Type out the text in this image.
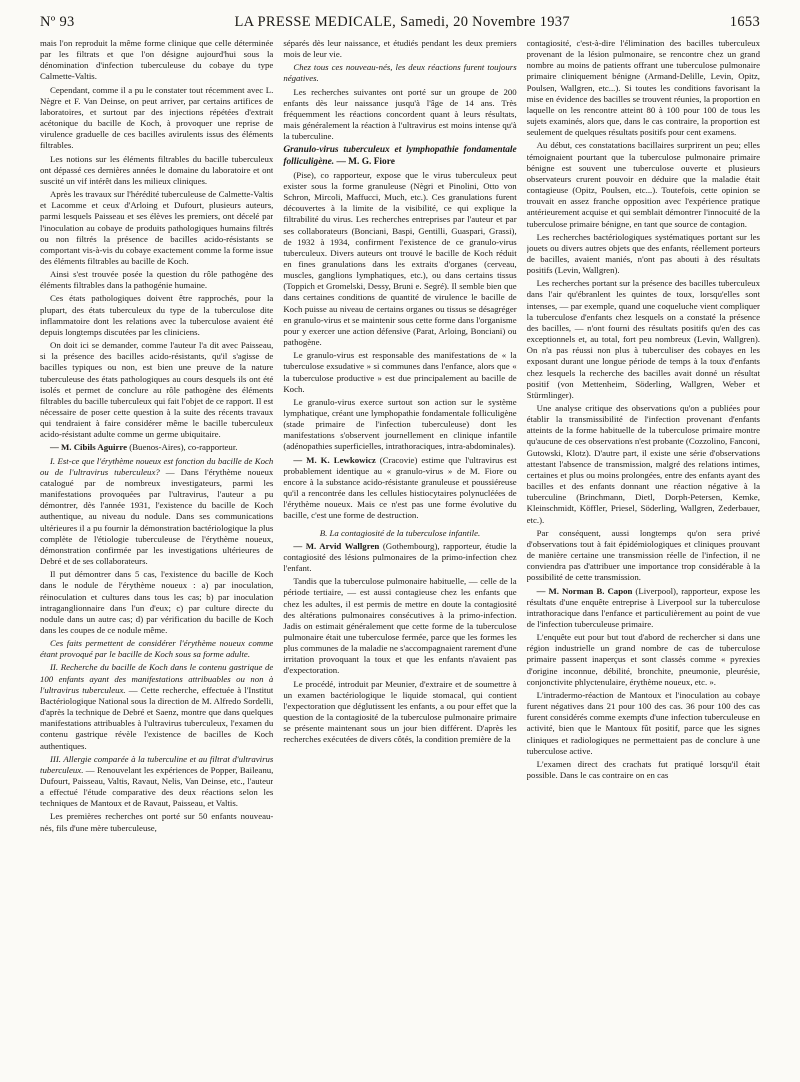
Nº 93	LA PRESSE MEDICALE, Samedi, 20 Novembre 1937	1653

mais l'on reproduit la même forme clinique que celle déterminée par les filtrats et que l'on désigne aujourd'hui sous la dénomination d'infection tuberculeuse du cobaye du type Calmette-Valtis.

Cependant, comme il a pu le constater tout récemment avec L. Nègre et F. Van Deinse, on peut arriver, par certains artifices de laboratoires, et surtout par des injections répétées d'extrait acétonique du bacille de Koch, à provoquer une reprise de virulence graduelle de ces bacilles avirulents issus des éléments filtrables.

Les notions sur les éléments filtrables du bacille tuberculeux ont dépassé ces dernières années le domaine du laboratoire et ont suscité un vif intérêt dans les milieux cliniques.

Après les travaux sur l'hérédité tuberculeuse de Calmette-Valtis et Lacomme et ceux d'Arloing et Dufourt, plusieurs auteurs, parmi lesquels Paisseau et ses élèves les premiers, ont décelé par l'inoculation au cobaye de produits pathologiques humains filtrés ou non filtrés la présence de bacilles acido-résistants se comportant vis-à-vis du cobaye exactement comme la forme issue des éléments filtrables au bacille de Koch.

Ainsi s'est trouvée posée la question du rôle pathogène des éléments filtrables dans la pathogénie humaine.

Ces états pathologiques doivent être rapprochés, pour la plupart, des états tuberculeux du type de la tuberculose dite inflammatoire dont les relations avec la tuberculose avaient été depuis longtemps discutées par les cliniciens.

On doit ici se demander, comme l'auteur l'a dit avec Paisseau, si la présence des bacilles acido-résistants, qu'il s'agisse de bacilles typiques ou non, est bien une preuve de la nature tuberculeuse des états pathologiques au cours desquels ils ont été isolés et permet de conclure au rôle pathogène des éléments filtrables du bacille tuberculeux qui fait l'objet de ce rapport. Il est nécessaire de poser cette question à la suite des récents travaux qui tendraient à faire considérer même le bacille tuberculeux acido-résistant adulte comme un germe ubiquitaire.

— M. Cibils Aguirre (Buenos-Aires), co-rapporteur.

I. Est-ce que l'érythème noueux est fonction du bacille de Koch ou de l'ultravirus tuberculeux? — Dans l'érythème noueux catalogué par de nombreux investigateurs, parmi les manifestations provoquées par l'ultravirus, l'auteur a pu démontrer, dès l'année 1931, l'existence du bacille de Koch authentique, au niveau du nodule. Dans ses communications ultérieures il a pu fournir la démonstration bactériologique la plus complète de l'étiologie tuberculeuse de l'érythème noueux, démonstration confirmée par les investigations ultérieures de Debré et de ses collaborateurs.

Il put démontrer dans 5 cas, l'existence du bacille de Koch dans le nodule de l'érythème noueux : a) par inoculation, réinoculation et cultures dans tous les cas; b) par inoculation intraganglionnaire dans l'un d'eux; c) par culture directe du nodule dans un autre cas; d) par vérification du bacille de Koch dans les coupes de ce nodule même.

Ces faits permettent de considérer l'érythème noueux comme étant provoqué par le bacille de Koch sous sa forme adulte.

II. Recherche du bacille de Koch dans le contenu gastrique de 100 enfants ayant des manifestations attribuables ou non à l'ultravirus tuberculeux. — Cette recherche, effectuée à l'Institut Bactériologique National sous la direction de M. Alfredo Sordelli, d'après la technique de Debré et Saenz, montre que dans quelques manifestations attribuables à l'ultravirus tuberculeux, l'examen du contenu gastrique révèle l'existence de bacilles de Koch authentiques.

III. Allergie comparée à la tuberculine et au filtrat d'ultravirus tuberculeux. — Renouvelant les expériences de Popper, Baileanu, Dufourt, Paisseau, Valtis, Ravaut, Nelis, Van Deinse, etc., l'auteur a effectué l'étude comparative des deux réactions selon les techniques de Mantoux et de Ravaut, Paisseau, et Valtis.

Les premières recherches ont porté sur 50 enfants nouveau-nés, fils d'une mère tuberculeuse,

séparés dès leur naissance, et étudiés pendant les deux premiers mois de leur vie.

Chez tous ces nouveau-nés, les deux réactions furent toujours négatives.

Les recherches suivantes ont porté sur un groupe de 200 enfants dès leur naissance jusqu'à l'âge de 14 ans. Très fréquemment les réactions concordent quant à leurs résultats, mais généralement la réaction à l'ultravirus est moins intense qu'à la tuberculine.

Granulo-virus tuberculeux et lymphopathie fondamentale folliculigène. — M. G. Fiore

(Pise), co rapporteur, expose que le virus tuberculeux peut exister sous la forme granuleuse (Nègri et Pinolini, Otto von Schron, Mircoli, Maffucci, Much, etc.). Ces granulations furent découvertes à la limite de la visibilité, ce qui explique la filtrabilité du virus. Les recherches entreprises par l'auteur et par ses collaborateurs (Bonciani, Baspi, Gentilli, Guaspari, Grassi), de 1932 à 1934, confirment l'existence de ce granulo-virus tuberculeux. Divers auteurs ont trouvé le bacille de Koch réduit en fines granulations dans les extraits d'organes (cerveau, muscles, ganglions lymphatiques, etc.), ou dans certains tissus (Toppich et Gromelski, Dessy, Bruni e. Segré). Il semble bien que dans certaines conditions de quantité de virulence le bacille de Koch puisse au niveau de certains organes ou tissus se désagréger en granulo-virus et se maintenir sous cette forme dans l'organisme pour y exercer une action défensive (Parat, Arloing, Bonciani) ou pathogène.

Le granulo-virus est responsable des manifestations de « la tuberculose exsudative » si communes dans l'enfance, alors que « la tuberculose productive » est due principalement au bacille de Koch.

Le granulo-virus exerce surtout son action sur le système lymphatique, créant une lymphopathie fondamentale folliculigène (stade primaire de l'infection tuberculeuse) dont les manifestations s'observent journellement en clinique infantile (adénopathies superficielles, intrathoraciques, intra-abdominales).

— M. K. Lewkowicz (Cracovie) estime que l'ultravirus est probablement identique au « granulo-virus » de M. Fiore ou encore à la substance acido-résistante granuleuse et poussiéreuse qu'il a rencontrée dans les cellules histiocytaires polynucléées de l'érythème noueux. Mais ce n'est pas une forme évolutive du bacille, c'est une forme de destruction.

B. La contagiosité de la tuberculose infantile.

— M. Arvid Wallgren (Gothembourg), rapporteur, étudie la contagiosité des lésions pulmonaires de la primo-infection chez l'enfant.

Tandis que la tuberculose pulmonaire habituelle, — celle de la période tertiaire, — est aussi contagieuse chez les enfants que chez les adultes, il est permis de mettre en doute la contagiosité des altérations pulmonaires consécutives à la primo-infection. Jadis on estimait généralement que cette forme de la tuberculose pulmonaire était une tuberculose fermée, parce que les formes les plus communes de la maladie ne s'accompagnaient rarement d'une irritation provoquant la toux et que les enfants n'avaient pas d'expectoration.

Le procédé, introduit par Meunier, d'extraire et de soumettre à un examen bactériologique le liquide stomacal, qui contient l'expectoration que déglutissent les enfants, a ou pour effet que la question de la contagiosité de la tuberculose pulmonaire primaire se présente maintenant sous un jour bien différent. D'après les recherches exécutées de divers côtés, la condition première de la

contagiosité, c'est-à-dire l'élimination des bacilles tuberculeux provenant de la lésion pulmonaire, se rencontre chez un grand nombre au moins de patients offrant une tuberculose pulmonaire primaire cliniquement bénigne (Armand-Delille, Levin, Opitz, Poulsen, Wallgren, etc...). Si toutes les conditions favorisant la mise en évidence des bacilles se trouvent réunies, la proportion en laquelle on les rencontre atteint 80 à 100 pour 100 de tous les sujets examinés, alors que, dans le cas contraire, la proportion est seulement de quelques résultats positifs pour cent examens.

Au début, ces constatations bacillaires surprirent un peu; elles témoignaient pourtant que la tuberculose pulmonaire primaire bénigne est souvent une tuberculose ouverte et plusieurs observateurs crurent pouvoir en déduire que la maladie était contagieuse (Opitz, Poulsen, etc...). Toutefois, cette opinion se trouvait en assez franche opposition avec l'expérience pratique antérieurement acquise et qui semblait démontrer l'innocuité de la tuberculose primaire bénigne, en tant que source de contagion.

Les recherches bactériologiques systématiques portant sur les jouets ou divers autres objets que des enfants, réellement porteurs de bacilles, avaient maniés, n'ont pas abouti à des résultats positifs (Levin, Wallgren).

Les recherches portant sur la présence des bacilles tuberculeux dans l'air qu'ébranlent les quintes de toux, lorsqu'elles sont intenses, — par exemple, quand une coqueluche vient compliquer la tuberculose d'enfants chez lesquels on a constaté la présence des bacilles, — n'ont fourni des résultats positifs qu'en des cas exceptionnels et, au total, fort peu nombreux (Levin, Wallgren). On n'a pas réussi non plus à tuberculiser des cobayes en les exposant durant une longue période de temps à la toux d'enfants chez lesquels la recherche des bacilles avait donné un résultat positif (von Mettenheim, Söderling, Wallgren, Weber et Stürmlinger).

Une analyse critique des observations qu'on a publiées pour établir la transmissibilité de l'infection provenant d'enfants atteints de la forme habituelle de la tuberculose primaire montre qu'aucune de ces observations n'est probante (Cozzolino, Fanconi, Gutowski, Klotz). D'autre part, il existe une série d'observations attestant l'absence de transmission, malgré des relations intimes, certaines et plus ou moins prolongées, entre des enfants ayant des bacilles et des enfants donnant une réaction négative à la tuberculine (Brinchmann, Dietl, Dorph-Petersen, Kemke, Kleinschmidt, Köffler, Priesel, Söderling, Wallgren, Zederbauer, etc.).

Par conséquent, aussi longtemps qu'on sera privé d'observations tout à fait épidémiologiques et cliniques prouvant de manière certaine une transmission réelle de l'infection, il ne conviendra pas d'attribuer une importance trop considérable à la possibilité de cette transmission.

— M. Norman B. Capon (Liverpool), rapporteur, expose les résultats d'une enquête entreprise à Liverpool sur la tuberculose intrathoracique dans l'enfance et particulièrement au point de vue de l'infection tuberculeuse primaire.

L'enquête eut pour but tout d'abord de rechercher si dans une région industrielle un grand nombre de cas de tuberculose primaire passent inaperçus et sont classés comme « pyrexies d'origine inconnue, débilité, bronchite, pneumonie, pleurésie, conjonctivite phlyctenulaire, érythème noueux, etc. ».

L'intradermo-réaction de Mantoux et l'inoculation au cobaye furent négatives dans 21 pour 100 des cas. 36 pour 100 des cas furent considérés comme exempts d'une infection tuberculeuse en activité, bien que le Mantoux fût positif, parce que les signes cliniques et radiologiques ne permettaient pas de conclure à une tuberculose active.

L'examen direct des crachats fut pratiqué lorsqu'il était possible. Dans le cas contraire on en cas
